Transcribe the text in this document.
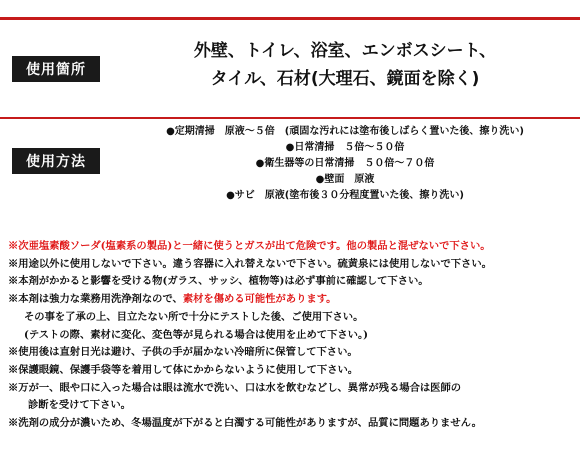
使用箇所
外壁、トイレ、浴室、エンボスシート、
タイル、石材(大理石、鏡面を除く)
使用方法
●定期清掃　原液～５倍　(頑固な汚れには塗布後しばらく置いた後、擦り洗い)
●日常清掃　５倍～５０倍
●衛生器等の日常清掃　５０倍～７０倍
●壁面　原液
●サビ　原液(塗布後３０分程度置いた後、擦り洗い)
※次亜塩素酸ソーダ(塩素系の製品)と一緒に使うとガスが出て危険です。他の製品と混ぜないで下さい。
※用途以外に使用しないで下さい。違う容器に入れ替えないで下さい。硫黄泉には使用しないで下さい。
※本剤がかかると影響を受ける物(ガラス、サッシ、植物等)は必ず事前に確認して下さい。
※本剤は強力な業務用洗浄剤なので、素材を傷める可能性があります。
その事を了承の上、目立たない所で十分にテストした後、ご使用下さい。
(テストの際、素材に変化、変色等が見られる場合は使用を止めて下さい。)
※使用後は直射日光は避け、子供の手が届かない冷暗所に保管して下さい。
※保護眼鏡、保護手袋等を着用して体にかからないように使用して下さい。
※万が一、眼や口に入った場合は眼は流水で洗い、口は水を飲むなどし、異常が残る場合は医師の
診断を受けて下さい。
※洗剤の成分が濃いため、冬場温度が下がると白濁する可能性がありますが、品質に問題ありません。
